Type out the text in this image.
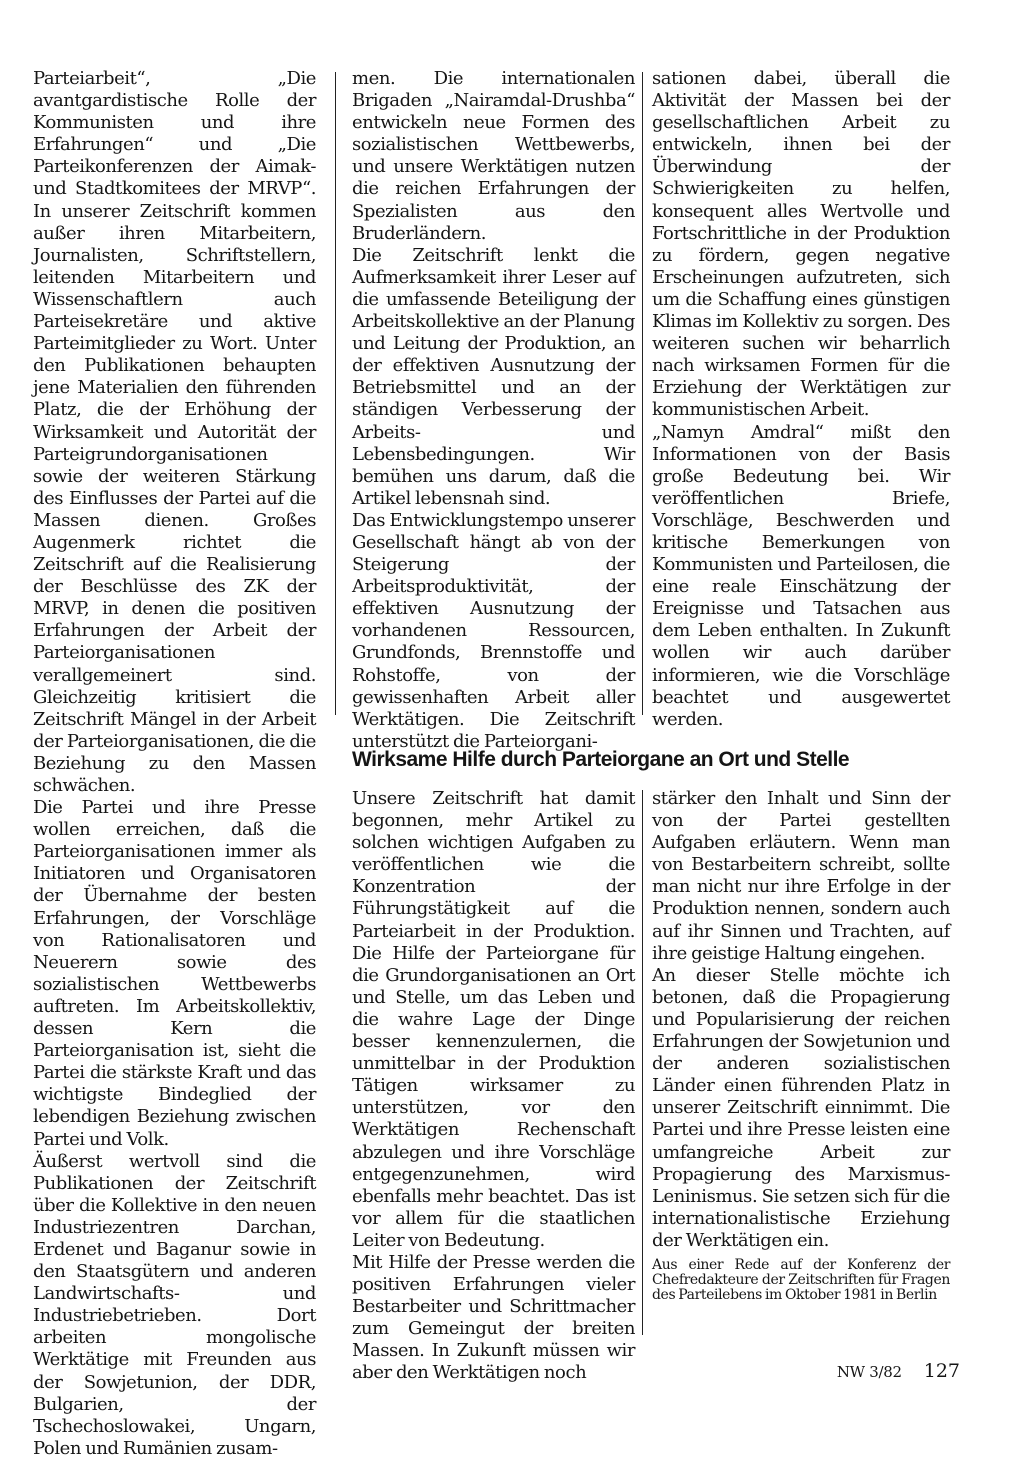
Parteiarbeit“, „Die avantgardistische Rolle der Kommunisten und ihre Erfahrungen“ und „Die Parteikonferenzen der Aimak- und Stadtkomitees der MRVP“. In unserer Zeitschrift kommen außer ihren Mitarbeitern, Journalisten, Schriftstellern, leitenden Mitarbeitern und Wissenschaftlern auch Parteisekretäre und aktive Parteimitglieder zu Wort. Unter den Publikationen behaupten jene Materialien den führenden Platz, die der Erhöhung der Wirksamkeit und Autorität der Parteigrundorganisationen sowie der weiteren Stärkung des Einflusses der Partei auf die Massen dienen. Großes Augenmerk richtet die Zeitschrift auf die Realisierung der Beschlüsse des ZK der MRVP, in denen die positiven Erfahrungen der Arbeit der Parteiorganisationen verallgemeinert sind. Gleichzeitig kritisiert die Zeitschrift Mängel in der Arbeit der Parteiorganisationen, die die Beziehung zu den Massen schwächen.

Die Partei und ihre Presse wollen erreichen, daß die Parteiorganisationen immer als Initiatoren und Organisatoren der Übernahme der besten Erfahrungen, der Vorschläge von Rationalisatoren und Neuerern sowie des sozialistischen Wettbewerbs auftreten. Im Arbeitskollektiv, dessen Kern die Parteiorganisation ist, sieht die Partei die stärkste Kraft und das wichtigste Bindeglied der lebendigen Beziehung zwischen Partei und Volk.

Äußerst wertvoll sind die Publikationen der Zeitschrift über die Kollektive in den neuen Industriezentren Darchan, Erdenet und Baganur sowie in den Staatsgütern und anderen Landwirtschafts- und Industriebetrieben. Dort arbeiten mongolische Werktätige mit Freunden aus der Sowjetunion, der DDR, Bulgarien, der Tschechoslowakei, Ungarn, Polen und Rumänien zusam-

men. Die internationalen Brigaden „Nairamdal-Drushba“ entwickeln neue Formen des sozialistischen Wettbewerbs, und unsere Werktätigen nutzen die reichen Erfahrungen der Spezialisten aus den Bruderländern.

Die Zeitschrift lenkt die Aufmerksamkeit ihrer Leser auf die umfassende Beteiligung der Arbeitskollektive an der Planung und Leitung der Produktion, an der effektiven Ausnutzung der Betriebsmittel und an der ständigen Verbesserung der Arbeits- und Lebensbedingungen. Wir bemühen uns darum, daß die Artikel lebensnah sind.

Das Entwicklungstempo unserer Gesellschaft hängt ab von der Steigerung der Arbeitsproduktivität, der effektiven Ausnutzung der vorhandenen Ressourcen, Grundfonds, Brennstoffe und Rohstoffe, von der gewissenhaften Arbeit aller Werktätigen. Die Zeitschrift unterstützt die Parteiorgani-

sationen dabei, überall die Aktivität der Massen bei der gesellschaftlichen Arbeit zu entwickeln, ihnen bei der Überwindung der Schwierigkeiten zu helfen, konsequent alles Wertvolle und Fortschrittliche in der Produktion zu fördern, gegen negative Erscheinungen aufzutreten, sich um die Schaffung eines günstigen Klimas im Kollektiv zu sorgen. Des weiteren suchen wir beharrlich nach wirksamen Formen für die Erziehung der Werktätigen zur kommunistischen Arbeit.

„Namyn Amdral“ mißt den Informationen von der Basis große Bedeutung bei. Wir veröffentlichen Briefe, Vorschläge, Beschwerden und kritische Bemerkungen von Kommunisten und Parteilosen, die eine reale Einschätzung der Ereignisse und Tatsachen aus dem Leben enthalten. In Zukunft wollen wir auch darüber informieren, wie die Vorschläge beachtet und ausgewertet werden.

Wirksame Hilfe durch Parteiorgane an Ort und Stelle

Unsere Zeitschrift hat damit begonnen, mehr Artikel zu solchen wichtigen Aufgaben zu veröffentlichen wie die Konzentration der Führungstätigkeit auf die Parteiarbeit in der Produktion. Die Hilfe der Parteiorgane für die Grundorganisationen an Ort und Stelle, um das Leben und die wahre Lage der Dinge besser kennenzulernen, die unmittelbar in der Produktion Tätigen wirksamer zu unterstützen, vor den Werktätigen Rechenschaft abzulegen und ihre Vorschläge entgegenzunehmen, wird ebenfalls mehr beachtet. Das ist vor allem für die staatlichen Leiter von Bedeutung.

Mit Hilfe der Presse werden die positiven Erfahrungen vieler Bestarbeiter und Schrittmacher zum Gemeingut der breiten Massen. In Zukunft müssen wir aber den Werktätigen noch

stärker den Inhalt und Sinn der von der Partei gestellten Aufgaben erläutern. Wenn man von Bestarbeitern schreibt, sollte man nicht nur ihre Erfolge in der Produktion nennen, sondern auch auf ihr Sinnen und Trachten, auf ihre geistige Haltung eingehen.

An dieser Stelle möchte ich betonen, daß die Propagierung und Popularisierung der reichen Erfahrungen der Sowjetunion und der anderen sozialistischen Länder einen führenden Platz in unserer Zeitschrift einnimmt. Die Partei und ihre Presse leisten eine umfangreiche Arbeit zur Propagierung des Marxismus-Leninismus. Sie setzen sich für die internationalistische Erziehung der Werktätigen ein.

Aus einer Rede auf der Konferenz der Chefredakteure der Zeitschriften für Fragen des Parteilebens im Oktober 1981 in Berlin

NW 3/82 127
